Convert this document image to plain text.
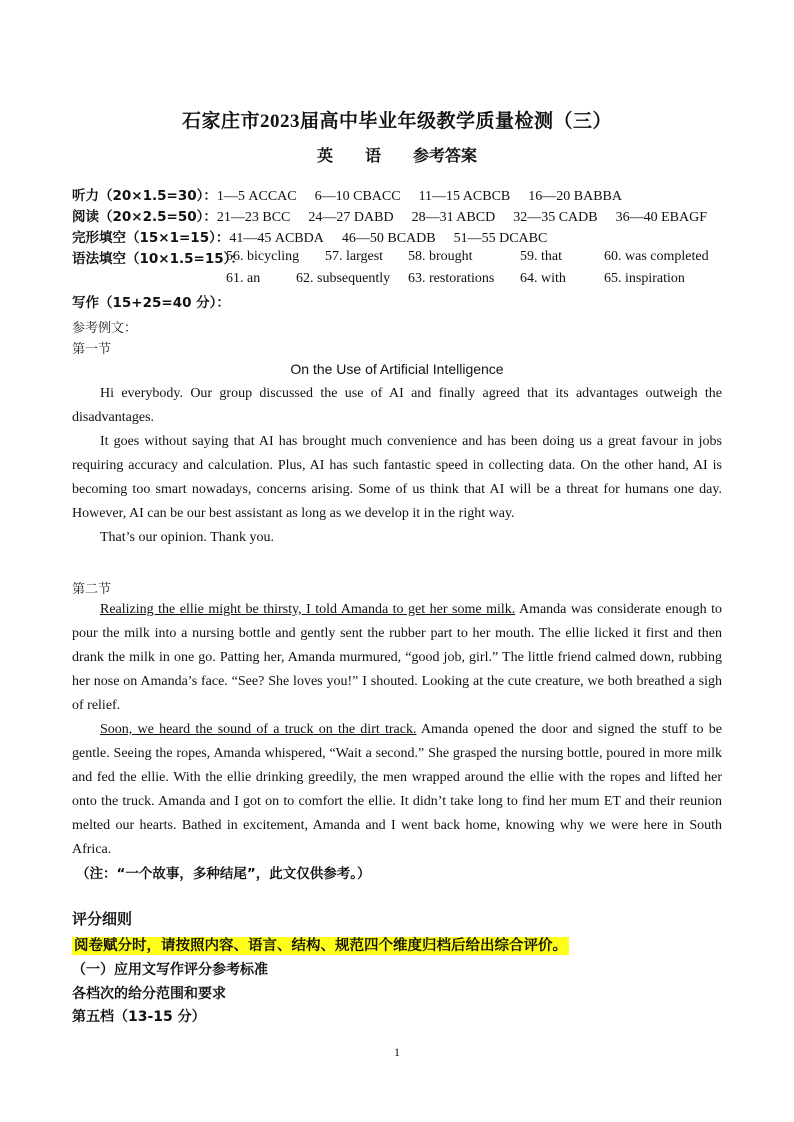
石家庄市2023届高中毕业年级教学质量检测（三）
英 语 参考答案
听力（20×1.5=30）：1—5 ACCAC 6—10 CBACC 11—15 ACBCB 16—20 BABBA
阅读（20×2.5=50）：21—23 BCC 24—27 DABD 28—31 ABCD 32—35 CADB 36—40 EBAGF
完形填空（15×1=15）：41—45 ACBDA 46—50 BCADB 51—55 DCABC
语法填空（10×1.5=15）：
56. bicycling 57. largest 58. brought	59. that	60. was completed
61. an	62. subsequently 63. restorations 64. with	65. inspiration
写作（15+25=40 分）：
参考例文：
第一节
On the Use of Artificial Intelligence
Hi everybody. Our group discussed the use of AI and finally agreed that its advantages outweigh the disadvantages.
It goes without saying that AI has brought much convenience and has been doing us a great favour in jobs requiring accuracy and calculation. Plus, AI has such fantastic speed in collecting data. On the other hand, AI is becoming too smart nowadays, concerns arising. Some of us think that AI will be a threat for humans one day. However, AI can be our best assistant as long as we develop it in the right way.
That’s our opinion. Thank you.
第二节
Realizing the ellie might be thirsty, I told Amanda to get her some milk. Amanda was considerate enough to pour the milk into a nursing bottle and gently sent the rubber part to her mouth. The ellie licked it first and then drank the milk in one go. Patting her, Amanda murmured, “good job, girl.” The little friend calmed down, rubbing her nose on Amanda’s face. “See? She loves you!” I shouted. Looking at the cute creature, we both breathed a sigh of relief.
Soon, we heard the sound of a truck on the dirt track. Amanda opened the door and signed the stuff to be gentle. Seeing the ropes, Amanda whispered, “Wait a second.” She grasped the nursing bottle, poured in more milk and fed the ellie. With the ellie drinking greedily, the men wrapped around the ellie with the ropes and lifted her onto the truck. Amanda and I got on to comfort the ellie. It didn’t take long to find her mum ET and their reunion melted our hearts. Bathed in excitement, Amanda and I went back home, knowing why we were here in South Africa.
（注：“一个故事，多种结尾”，此文仅供参考。）
评分细则
阅卷赋分时，请按照内容、语言、结构、规范四个维度归档后给出综合评价。
（一）应用文写作评分参考标准
各档次的给分范围和要求
第五档（13-15 分）
1
